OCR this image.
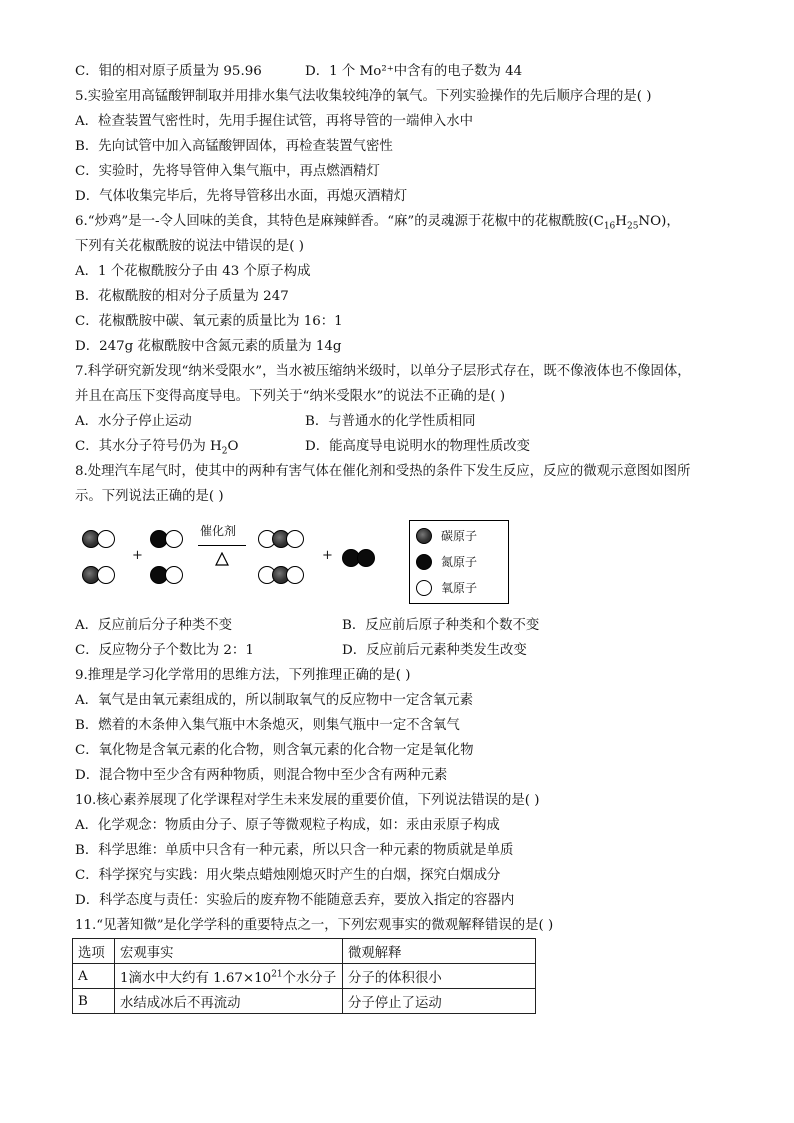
C．钼的相对原子质量为 95.96	D．1 个 Mo²⁺中含有的电子数为 44
5.实验室用高锰酸钾制取并用排水集气法收集较纯净的氧气。下列实验操作的先后顺序合理的是( )
A．检查装置气密性时，先用手握住试管，再将导管的一端伸入水中
B．先向试管中加入高锰酸钾固体，再检查装置气密性
C．实验时，先将导管伸入集气瓶中，再点燃酒精灯
D．气体收集完毕后，先将导管移出水面，再熄灭酒精灯
6.“炒鸡”是一-令人回味的美食，其特色是麻辣鲜香。“麻”的灵魂源于花椒中的花椒酰胺$(C_{16}H_{25}NO)$，
下列有关花椒酰胺的说法中错误的是( )
A．1 个花椒酰胺分子由 43 个原子构成
B．花椒酰胺的相对分子质量为 247
C．花椒酰胺中碳、氧元素的质量比为 16：1
D．247g 花椒酰胺中含氮元素的质量为 14g
7.科学研究新发现“纳米受限水”，当水被压缩纳米级时，以单分子层形式存在，既不像液体也不像固体，
并且在高压下变得高度导电。下列关于“纳米受限水”的说法不正确的是( )
A．水分子停止运动	B．与普通水的化学性质相同
C．其水分子符号仍为 $H_2O$	D．能高度导电说明水的物理性质改变
8.处理汽车尾气时，使其中的两种有害气体在催化剂和受热的条件下发生反应，反应的微观示意图如图所
示。下列说法正确的是( )
+
催化剂
+
碳原子
氮原子
氧原子
A．反应前后分子种类不变	B．反应前后原子种类和个数不变
C．反应物分子个数比为 2：1	D．反应前后元素种类发生改变
9.推理是学习化学常用的思维方法，下列推理正确的是( )
A．氧气是由氧元素组成的，所以制取氧气的反应物中一定含氧元素
B．燃着的木条伸入集气瓶中木条熄灭，则集气瓶中一定不含氧气
C．氧化物是含氧元素的化合物，则含氧元素的化合物一定是氧化物
D．混合物中至少含有两种物质，则混合物中至少含有两种元素
10.核心素养展现了化学课程对学生未来发展的重要价值，下列说法错误的是( )
A．化学观念：物质由分子、原子等微观粒子构成，如：汞由汞原子构成
B．科学思维：单质中只含有一种元素，所以只含一种元素的物质就是单质
C．科学探究与实践：用火柴点蜡烛刚熄灭时产生的白烟，探究白烟成分
D．科学态度与责任：实验后的废弃物不能随意丢弃，要放入指定的容器内
11.“见著知微”是化学学科的重要特点之一，下列宏观事实的微观解释错误的是( )
选项	宏观事实	微观解释
A	1滴水中大约有 $1.67\times 10^{21}$个水分子	分子的体积很小
B	水结成冰后不再流动	分子停止了运动
